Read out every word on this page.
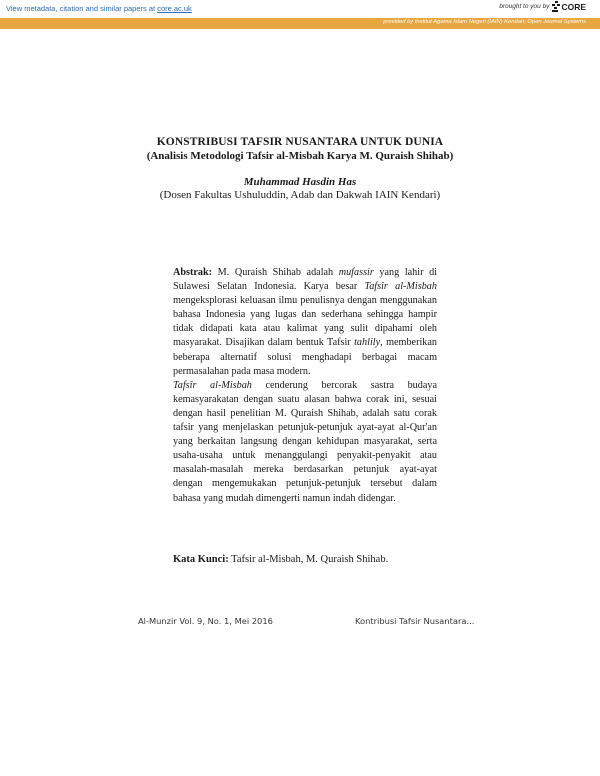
View metadata, citation and similar papers at core.ac.uk	brought to you by CORE
provided by Institut Agama Islam Negeri (IAIN) Kendari: Open Journal Systems
KONSTRIBUSI TAFSIR NUSANTARA UNTUK DUNIA
(Analisis Metodologi Tafsir al-Misbah Karya M. Quraish Shihab)
Muhammad Hasdin Has
(Dosen Fakultas Ushuluddin, Adab dan Dakwah IAIN Kendari)

Abstrak: M. Quraish Shihab adalah mufassir yang lahir di Sulawesi Selatan Indonesia. Karya besar Tafsîr al-Misbah mengeksplorasi keluasan ilmu penulisnya dengan menggunakan bahasa Indonesia yang lugas dan sederhana sehingga hampir tidak didapati kata atau kalimat yang sulit dipahami oleh masyarakat. Disajikan dalam bentuk Tafsir tahlily, memberikan beberapa alternatif solusi menghadapi berbagai macam permasalahan pada masa modern.

Tafsîr al-Misbah cenderung bercorak sastra budaya kemasyarakatan dengan suatu alasan bahwa corak ini, sesuai dengan hasil penelitian M. Quraish Shihab, adalah satu corak tafsir yang menjelaskan petunjuk-petunjuk ayat-ayat al-Qur'an yang berkaitan langsung dengan kehidupan masyarakat, serta usaha-usaha untuk menanggulangi penyakit-penyakit atau masalah-masalah mereka berdasarkan petunjuk ayat-ayat dengan mengemukakan petunjuk-petunjuk tersebut dalam bahasa yang mudah dimengerti namun indah didengar.

Kata Kunci: Tafsir al-Misbah, M. Quraish Shihab.
Al-Munzir Vol. 9, No. 1, Mei 2016	Kontribusi Tafsir Nusantara...
